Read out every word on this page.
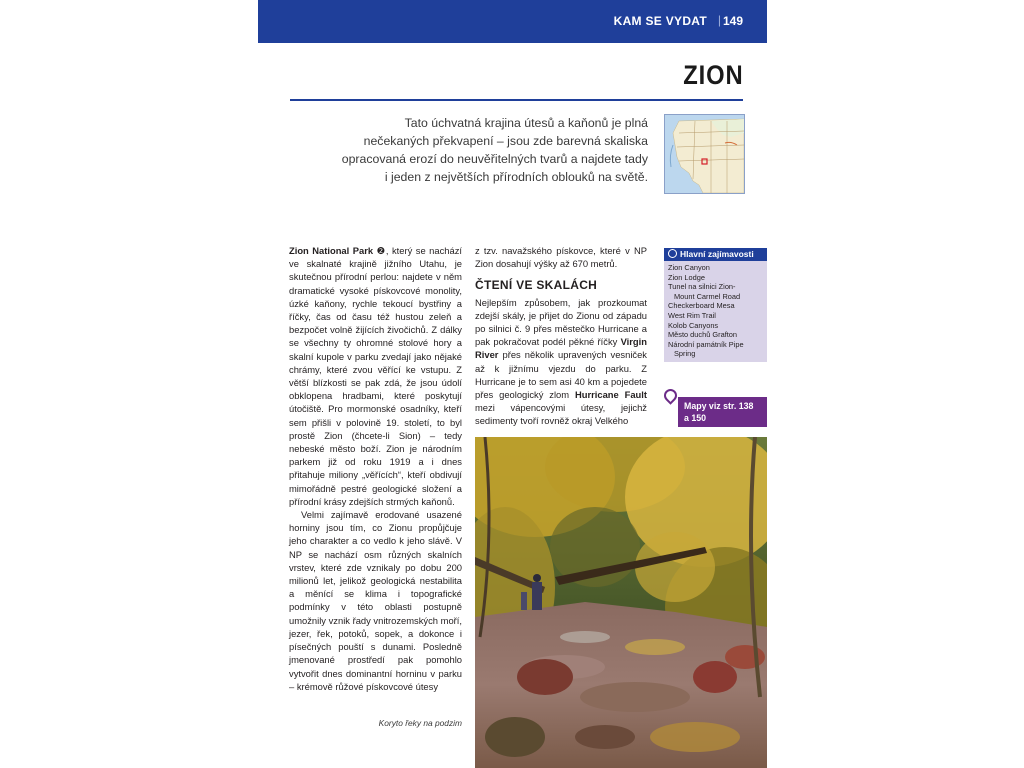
KAM SE VYDAT | 149
ZION
Tato úchvatná krajina útesů a kaňonů je plná nečekaných překvapení – jsou zde barevná skaliska opracovaná erozí do neuvěřitelných tvarů a najdete tady i jeden z největších přírodních oblouků na světě.

Zion National Park ❷, který se nachází ve skalnaté krajině jižního Utahu, je skutečnou přírodní perlou: najdete v něm dramatické vysoké pískovcové monolity, úzké kaňony, rychle tekoucí bystřiny a říčky, čas od času též hustou zeleň a bezpočet volně žijících živočichů. Z dálky se všechny ty ohromné stolové hory a skalní kupole v parku zvedají jako nějaké chrámy, které zvou věřící ke vstupu. Z větší blízkosti se pak zdá, že jsou údolí obklopena hradbami, které poskytují útočiště. Pro mormonské osadníky, kteří sem přišli v polovině 19. století, to byl prostě Zion (čhcete-li Sion) – tedy nebeské město boží. Zion je národním parkem již od roku 1919 a i dnes přitahuje miliony „věřících“, kteří obdivují mimořádně pestré geologické složení a přírodní krásy zdejších strmých kaňonů.

Velmi zajímavě erodované usazené horniny jsou tím, co Zionu propůjčuje jeho charakter a co vedlo k jeho slávě. V NP se nachází osm různých skalních vrstev, které zde vznikaly po dobu 200 milionů let, jelikož geologická nestabilita a měnící se klima i topografické podmínky v této oblasti postupně umožnily vznik řady vnitrozemských moří, jezer, řek, potoků, sopek, a dokonce i písečných pouští s dunami. Posledně jmenované prostředí pak pomohlo vytvořit dnes dominantní horninu v parku – krémově růžové pískovcové útesy

Koryto řeky na podzim

z tzv. navažského pískovce, které v NP Zion dosahují výšky až 670 metrů.

ČTENÍ VE SKALÁCH

Nejlepším způsobem, jak prozkoumat zdejší skály, je přijet do Zionu od západu po silnici č. 9 přes městečko Hurricane a pak pokračovat podél pěkné říčky Virgin River přes několik upravených vesniček až k jižnímu vjezdu do parku. Z Hurricane je to sem asi 40 km a pojedete přes geologický zlom Hurricane Fault mezi vápencovými útesy, jejichž sedimenty tvoří rovněž okraj Velkého

Hlavní zajímavosti
Zion Canyon
Zion Lodge
Tunel na silnici Zion-
Mount Carmel Road
Checkerboard Mesa
West Rim Trail
Kolob Canyons
Město duchů Grafton
Národní památník Pipe
Spring
Mapy viz str. 138
a 150
